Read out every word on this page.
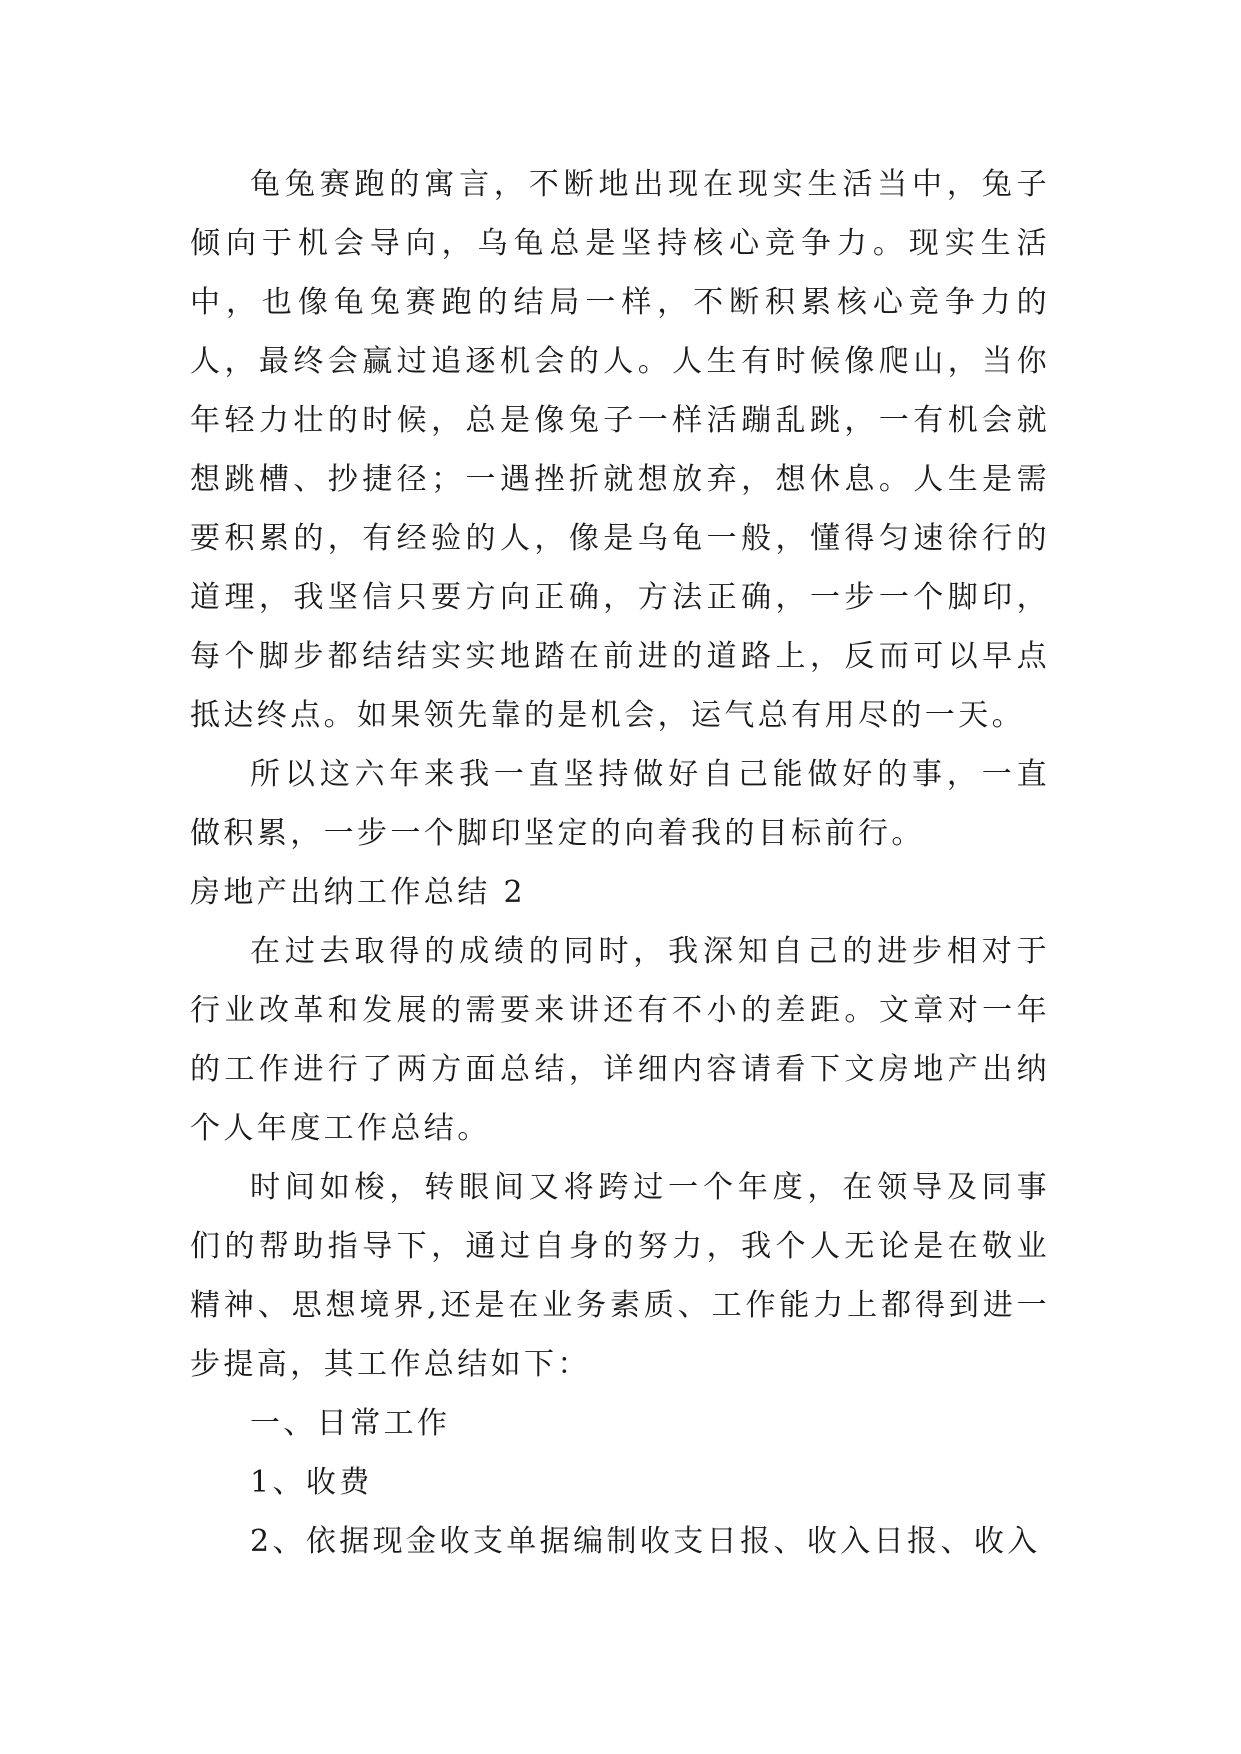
龟兔赛跑的寓言，不断地出现在现实生活当中，兔子倾向于机会导向，乌龟总是坚持核心竞争力。现实生活中，也像龟兔赛跑的结局一样，不断积累核心竞争力的人，最终会赢过追逐机会的人。人生有时候像爬山，当你年轻力壮的时候，总是像兔子一样活蹦乱跳，一有机会就想跳槽、抄捷径；一遇挫折就想放弃，想休息。人生是需要积累的，有经验的人，像是乌龟一般，懂得匀速徐行的道理，我坚信只要方向正确，方法正确，一步一个脚印，每个脚步都结结实实地踏在前进的道路上，反而可以早点抵达终点。如果领先靠的是机会，运气总有用尽的一天。

所以这六年来我一直坚持做好自己能做好的事，一直做积累，一步一个脚印坚定的向着我的目标前行。

房地产出纳工作总结 2

在过去取得的成绩的同时，我深知自己的进步相对于行业改革和发展的需要来讲还有不小的差距。文章对一年的工作进行了两方面总结，详细内容请看下文房地产出纳个人年度工作总结。

时间如梭，转眼间又将跨过一个年度，在领导及同事们的帮助指导下，通过自身的努力，我个人无论是在敬业精神、思想境界,还是在业务素质、工作能力上都得到进一步提高，其工作总结如下：

一、日常工作

1、收费

2、依据现金收支单据编制收支日报、收入日报、收入
